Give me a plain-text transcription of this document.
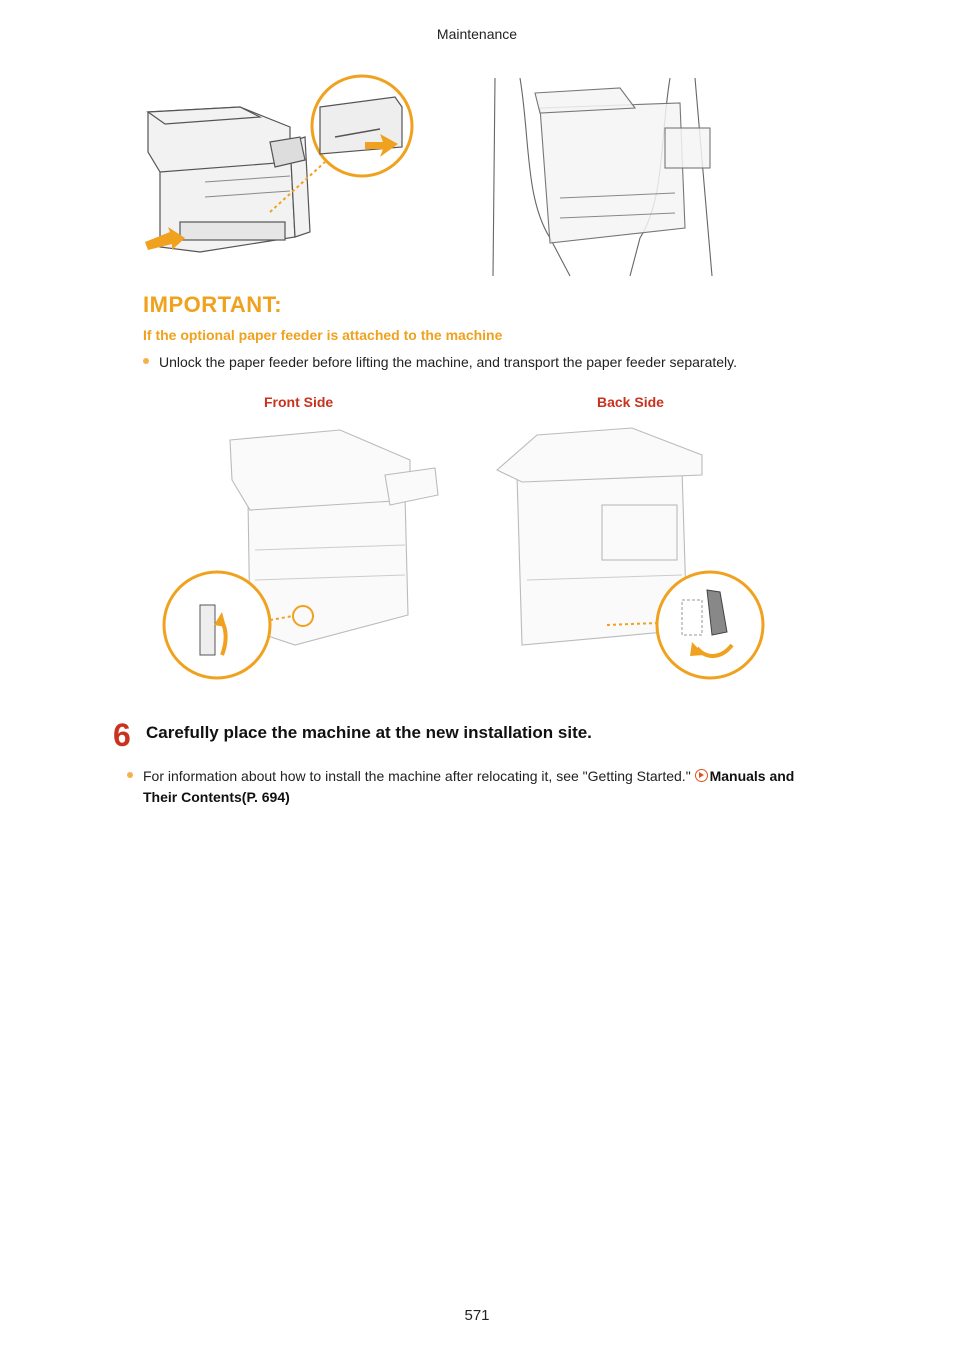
Maintenance
IMPORTANT:
If the optional paper feeder is attached to the machine
Unlock the paper feeder before lifting the machine, and transport the paper feeder separately.
Front Side	Back Side
6 Carefully place the machine at the new installation site.
For information about how to install the machine after relocating it, see "Getting Started." Manuals and
Their Contents(P. 694)
571
